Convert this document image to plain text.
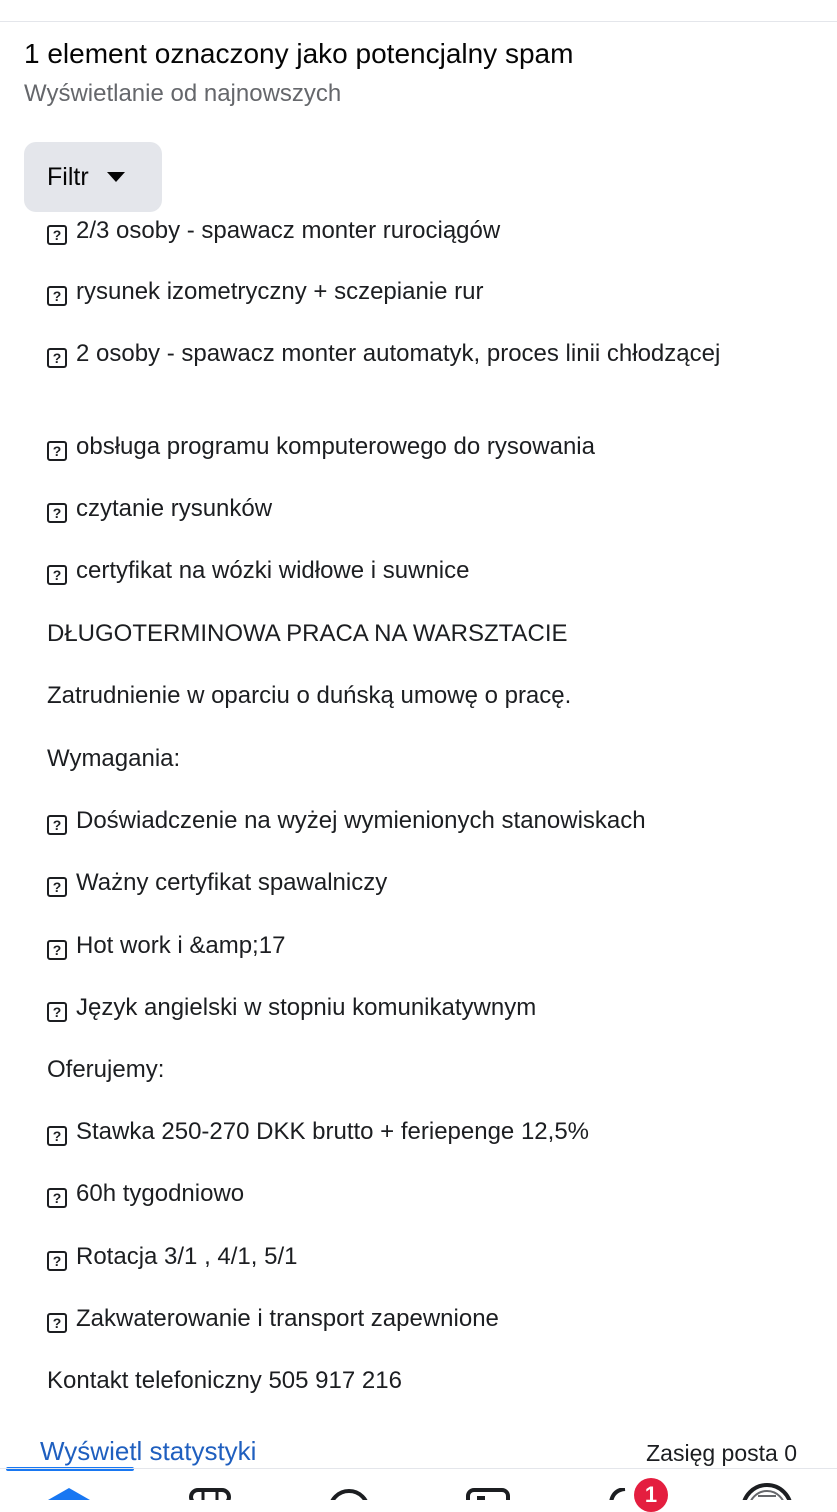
1 element oznaczony jako potencjalny spam
Wyświetlanie od najnowszych
Filtr
? 2/3 osoby - spawacz monter rurociągów
? rysunek izometryczny + sczepianie rur
? 2 osoby - spawacz monter automatyk, proces linii chłodzącej
? obsługa programu komputerowego do rysowania
? czytanie rysunków
? certyfikat na wózki widłowe i suwnice
DŁUGOTERMINOWA PRACA NA WARSZTACIE
Zatrudnienie w oparciu o duńską umowę o pracę.
Wymagania:
? Doświadczenie na wyżej wymienionych stanowiskach
? Ważny certyfikat spawalniczy
? Hot work i &amp;17
? Język angielski w stopniu komunikatywnym
Oferujemy:
? Stawka 250-270 DKK brutto + feriepenge 12,5%
? 60h tygodniowo
? Rotacja 3/1 , 4/1, 5/1
? Zakwaterowanie i transport zapewnione
Kontakt telefoniczny 505 917 216
Wyświetl statystyki	Zasięg posta 0
1
